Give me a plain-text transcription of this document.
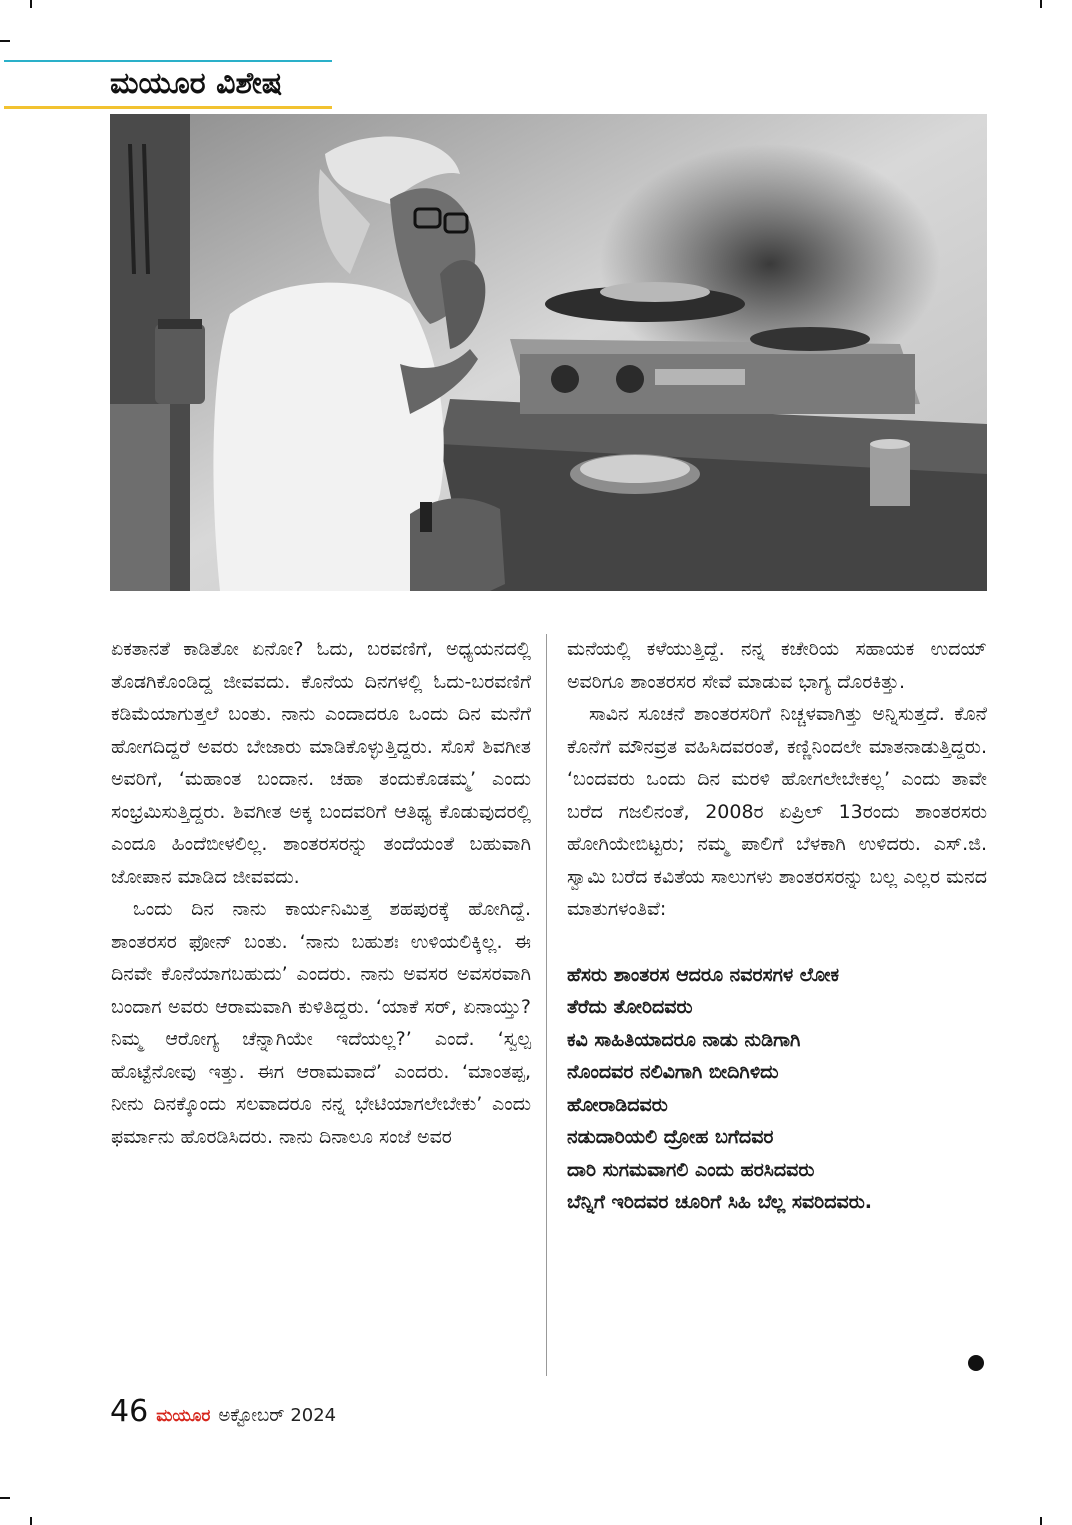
ಮಯೂರ ವಿಶೇಷ

ಏಕತಾನತೆ ಕಾಡಿತೋ ಏನೋ? ಓದು, ಬರವಣಿಗೆ, ಅಧ್ಯಯನದಲ್ಲಿ ತೊಡಗಿಕೊಂಡಿದ್ದ ಜೀವವದು. ಕೊನೆಯ ದಿನಗಳಲ್ಲಿ ಓದು-ಬರವಣಿಗೆ ಕಡಿಮೆಯಾಗುತ್ತಲೆ ಬಂತು. ನಾನು ಎಂದಾದರೂ ಒಂದು ದಿನ ಮನೆಗೆ ಹೋಗದಿದ್ದರೆ ಅವರು ಬೇಜಾರು ಮಾಡಿಕೊಳ್ಳುತ್ತಿದ್ದರು. ಸೊಸೆ ಶಿವಗೀತ ಅವರಿಗೆ, ‘ಮಹಾಂತ ಬಂದಾನ. ಚಹಾ ತಂದುಕೊಡಮ್ಮ’ ಎಂದು ಸಂಭ್ರಮಿಸುತ್ತಿದ್ದರು. ಶಿವಗೀತ ಅಕ್ಕ ಬಂದವರಿಗೆ ಆತಿಥ್ಯ ಕೊಡುವುದರಲ್ಲಿ ಎಂದೂ ಹಿಂದೆಬೀಳಲಿಲ್ಲ. ಶಾಂತರಸರನ್ನು ತಂದೆಯಂತೆ ಬಹುವಾಗಿ ಜೋಪಾನ ಮಾಡಿದ ಜೀವವದು.

ಒಂದು ದಿನ ನಾನು ಕಾರ್ಯನಿಮಿತ್ತ ಶಹಪುರಕ್ಕೆ ಹೋಗಿದ್ದೆ. ಶಾಂತರಸರ ಫೋನ್ ಬಂತು. ‘ನಾನು ಬಹುಶಃ ಉಳಿಯಲಿಕ್ಕಿಲ್ಲ. ಈ ದಿನವೇ ಕೊನೆಯಾಗಬಹುದು’ ಎಂದರು. ನಾನು ಅವಸರ ಅವಸರವಾಗಿ ಬಂದಾಗ ಅವರು ಆರಾಮವಾಗಿ ಕುಳಿತಿದ್ದರು. ‘ಯಾಕೆ ಸರ್, ಏನಾಯ್ತು? ನಿಮ್ಮ ಆರೋಗ್ಯ ಚೆನ್ನಾಗಿಯೇ ಇದೆಯಲ್ಲ?’ ಎಂದೆ. ‘ಸ್ವಲ್ಪ ಹೊಟ್ಟೆನೋವು ಇತ್ತು. ಈಗ ಆರಾಮವಾದೆ’ ಎಂದರು. ‘ಮಾಂತಪ್ಪ, ನೀನು ದಿನಕ್ಕೊಂದು ಸಲವಾದರೂ ನನ್ನ ಭೇಟಿಯಾಗಲೇಬೇಕು’ ಎಂದು ಫರ್ಮಾನು ಹೊರಡಿಸಿದರು. ನಾನು ದಿನಾಲೂ ಸಂಜೆ ಅವರ

ಮನೆಯಲ್ಲಿ ಕಳೆಯುತ್ತಿದ್ದೆ. ನನ್ನ ಕಚೇರಿಯ ಸಹಾಯಕ ಉದಯ್ ಅವರಿಗೂ ಶಾಂತರಸರ ಸೇವೆ ಮಾಡುವ ಭಾಗ್ಯ ದೊರಕಿತ್ತು.

ಸಾವಿನ ಸೂಚನೆ ಶಾಂತರಸರಿಗೆ ನಿಚ್ಚಳವಾಗಿತ್ತು ಅನ್ನಿಸುತ್ತದೆ. ಕೊನೆ ಕೊನೆಗೆ ಮೌನವ್ರತ ವಹಿಸಿದವರಂತೆ, ಕಣ್ಣಿನಿಂದಲೇ ಮಾತನಾಡುತ್ತಿದ್ದರು. ‘ಬಂದವರು ಒಂದು ದಿನ ಮರಳಿ ಹೋಗಲೇಬೇಕಲ್ಲ’ ಎಂದು ತಾವೇ ಬರೆದ ಗಜಲಿನಂತೆ, 2008ರ ಏಪ್ರಿಲ್ 13ರಂದು ಶಾಂತರಸರು ಹೋಗಿಯೇಬಿಟ್ಟರು; ನಮ್ಮ ಪಾಲಿಗೆ ಬೆಳಕಾಗಿ ಉಳಿದರು. ಎಸ್.ಜಿ. ಸ್ವಾಮಿ ಬರೆದ ಕವಿತೆಯ ಸಾಲುಗಳು ಶಾಂತರಸರನ್ನು ಬಲ್ಲ ಎಲ್ಲರ ಮನದ ಮಾತುಗಳಂತಿವೆ:

ಹೆಸರು ಶಾಂತರಸ ಆದರೂ ನವರಸಗಳ ಲೋಕ
ತೆರೆದು ತೋರಿದವರು
ಕವಿ ಸಾಹಿತಿಯಾದರೂ ನಾಡು ನುಡಿಗಾಗಿ
ನೊಂದವರ ನಲಿವಿಗಾಗಿ ಬೀದಿಗಿಳಿದು
ಹೋರಾಡಿದವರು
ನಡುದಾರಿಯಲಿ ದ್ರೋಹ ಬಗೆದವರ
ದಾರಿ ಸುಗಮವಾಗಲಿ ಎಂದು ಹರಸಿದವರು
ಬೆನ್ನಿಗೆ ಇರಿದವರ ಚೂರಿಗೆ ಸಿಹಿ ಬೆಲ್ಲ ಸವರಿದವರು.
46 ಮಯೂರ ಅಕ್ಟೋಬರ್ 2024
